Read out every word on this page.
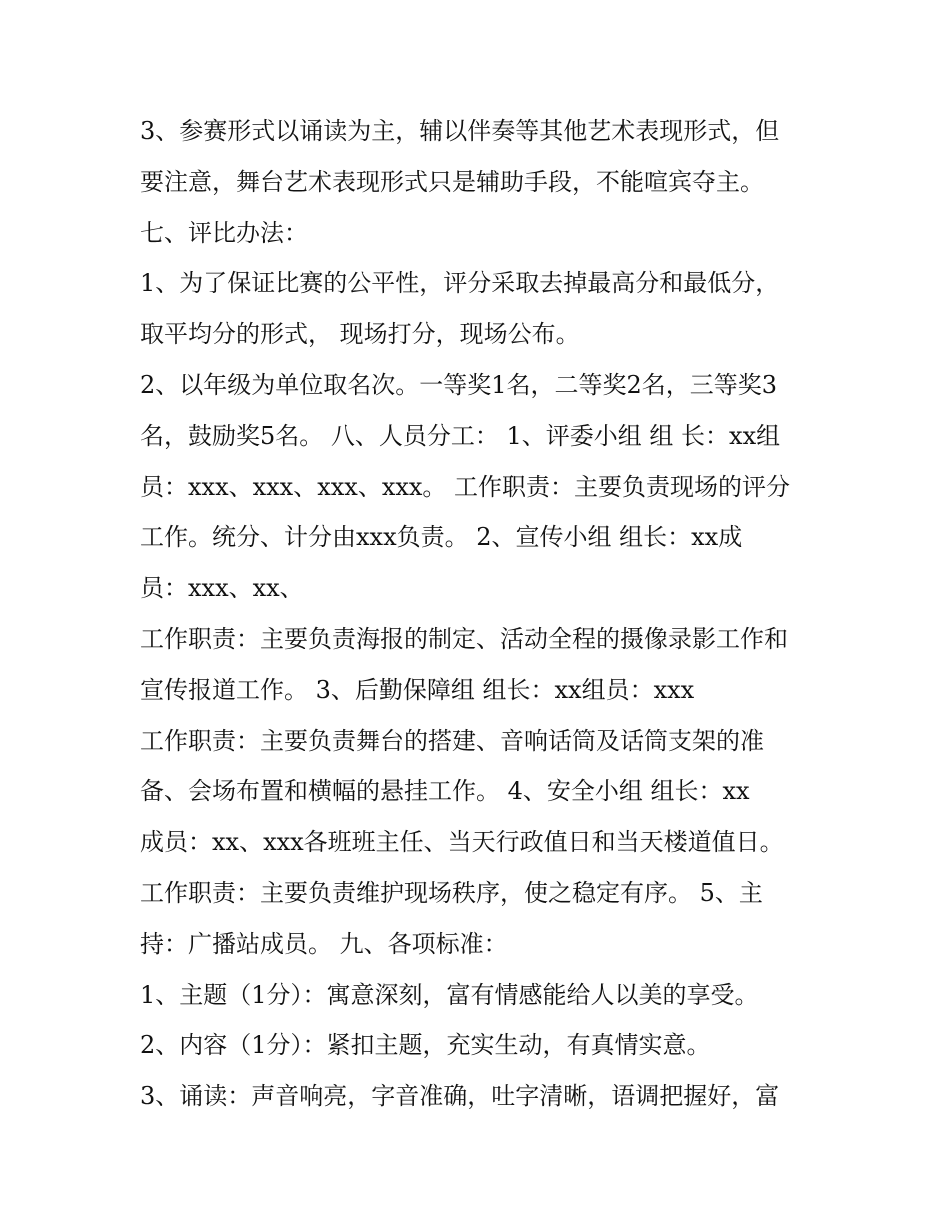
3、参赛形式以诵读为主，辅以伴奏等其他艺术表现形式，但

要注意，舞台艺术表现形式只是辅助手段，不能喧宾夺主。

七、评比办法：

1、为了保证比赛的公平性，评分采取去掉最高分和最低分，

取平均分的形式， 现场打分，现场公布。

2、以年级为单位取名次。一等奖1名，二等奖2名，三等奖3

名，鼓励奖5名。 八、人员分工： 1、评委小组 组 长：xx组

员：xxx、xxx、xxx、xxx。 工作职责：主要负责现场的评分

工作。统分、计分由xxx负责。 2、宣传小组 组长：xx成

员：xxx、xx、

工作职责：主要负责海报的制定、活动全程的摄像录影工作和

宣传报道工作。 3、后勤保障组 组长：xx组员：xxx

工作职责：主要负责舞台的搭建、音响话筒及话筒支架的准

备、会场布置和横幅的悬挂工作。 4、安全小组 组长：xx

成员：xx、xxx各班班主任、当天行政值日和当天楼道值日。

工作职责：主要负责维护现场秩序，使之稳定有序。 5、主

持：广播站成员。 九、各项标准：

1、主题（1分）：寓意深刻，富有情感能给人以美的享受。

2、内容（1分）：紧扣主题，充实生动，有真情实意。

3、诵读：声音响亮，字音准确，吐字清晰，语调把握好，富
